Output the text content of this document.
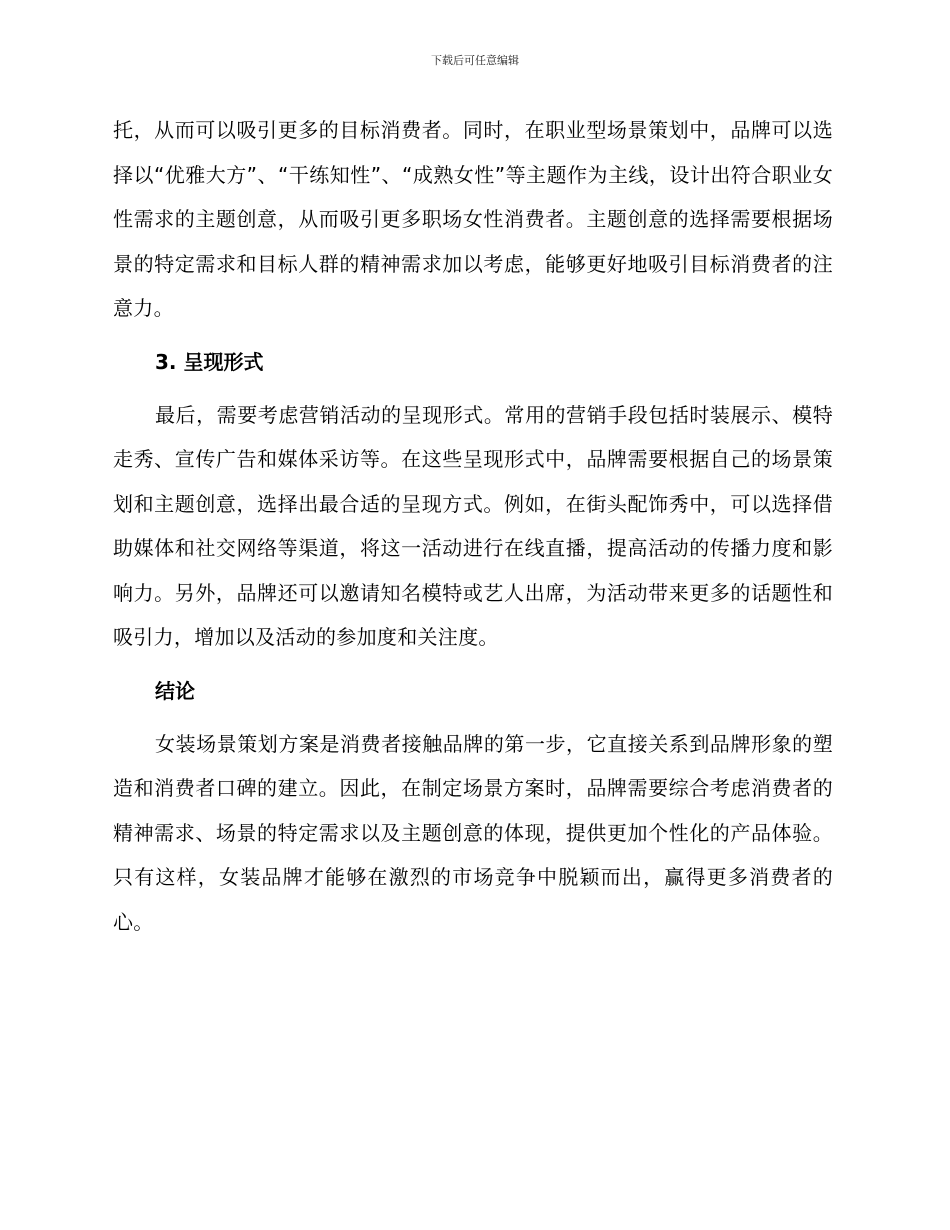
下载后可任意编辑

托，从而可以吸引更多的目标消费者。同时，在职业型场景策划中，品牌可以选择以“优雅大方”、“干练知性”、“成熟女性”等主题作为主线，设计出符合职业女性需求的主题创意，从而吸引更多职场女性消费者。主题创意的选择需要根据场景的特定需求和目标人群的精神需求加以考虑，能够更好地吸引目标消费者的注意力。

3. 呈现形式

最后，需要考虑营销活动的呈现形式。常用的营销手段包括时装展示、模特走秀、宣传广告和媒体采访等。在这些呈现形式中，品牌需要根据自己的场景策划和主题创意，选择出最合适的呈现方式。例如，在街头配饰秀中，可以选择借助媒体和社交网络等渠道，将这一活动进行在线直播，提高活动的传播力度和影响力。另外，品牌还可以邀请知名模特或艺人出席，为活动带来更多的话题性和吸引力，增加以及活动的参加度和关注度。

结论

女装场景策划方案是消费者接触品牌的第一步，它直接关系到品牌形象的塑造和消费者口碑的建立。因此，在制定场景方案时，品牌需要综合考虑消费者的精神需求、场景的特定需求以及主题创意的体现，提供更加个性化的产品体验。只有这样，女装品牌才能够在激烈的市场竞争中脱颖而出，赢得更多消费者的心。
